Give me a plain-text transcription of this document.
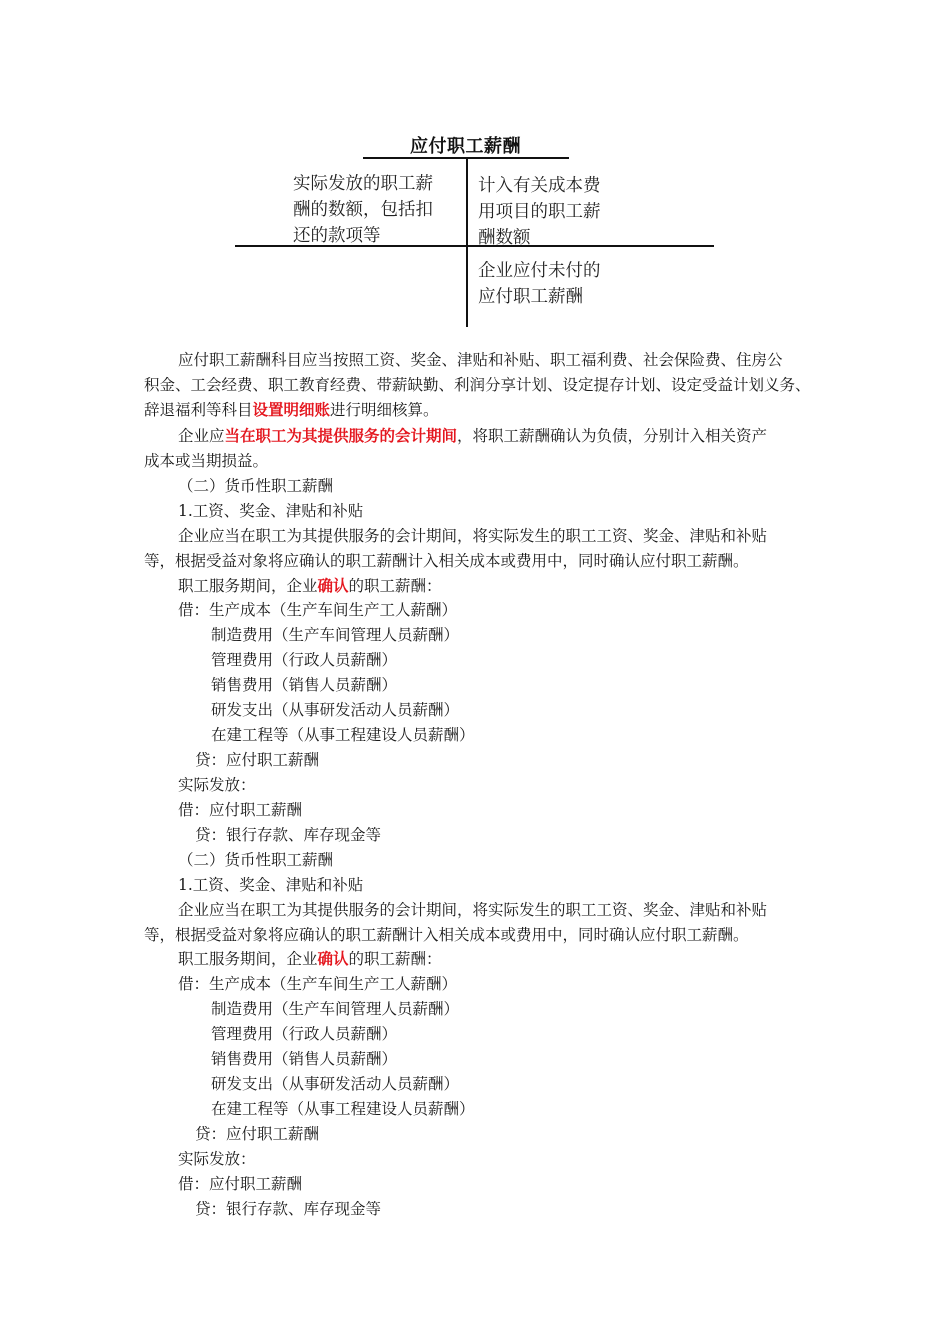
应付职工薪酬
实际发放的职工薪
酬的数额，包括扣
还的款项等
计入有关成本费
用项目的职工薪
酬数额
企业应付未付的
应付职工薪酬
应付职工薪酬科目应当按照工资、奖金、津贴和补贴、职工福利费、社会保险费、住房公
积金、工会经费、职工教育经费、带薪缺勤、利润分享计划、设定提存计划、设定受益计划义务、
辞退福利等科目设置明细账进行明细核算。
企业应当在职工为其提供服务的会计期间，将职工薪酬确认为负债，分别计入相关资产
成本或当期损益。
（二）货币性职工薪酬
1.工资、奖金、津贴和补贴
企业应当在职工为其提供服务的会计期间，将实际发生的职工工资、奖金、津贴和补贴
等，根据受益对象将应确认的职工薪酬计入相关成本或费用中，同时确认应付职工薪酬。
职工服务期间，企业确认的职工薪酬：
借：生产成本（生产车间生产工人薪酬）
制造费用（生产车间管理人员薪酬）
管理费用（行政人员薪酬）
销售费用（销售人员薪酬）
研发支出（从事研发活动人员薪酬）
在建工程等（从事工程建设人员薪酬）
贷：应付职工薪酬
实际发放：
借：应付职工薪酬
贷：银行存款、库存现金等
（二）货币性职工薪酬
1.工资、奖金、津贴和补贴
企业应当在职工为其提供服务的会计期间，将实际发生的职工工资、奖金、津贴和补贴
等，根据受益对象将应确认的职工薪酬计入相关成本或费用中，同时确认应付职工薪酬。
职工服务期间，企业确认的职工薪酬：
借：生产成本（生产车间生产工人薪酬）
制造费用（生产车间管理人员薪酬）
管理费用（行政人员薪酬）
销售费用（销售人员薪酬）
研发支出（从事研发活动人员薪酬）
在建工程等（从事工程建设人员薪酬）
贷：应付职工薪酬
实际发放：
借：应付职工薪酬
贷：银行存款、库存现金等
